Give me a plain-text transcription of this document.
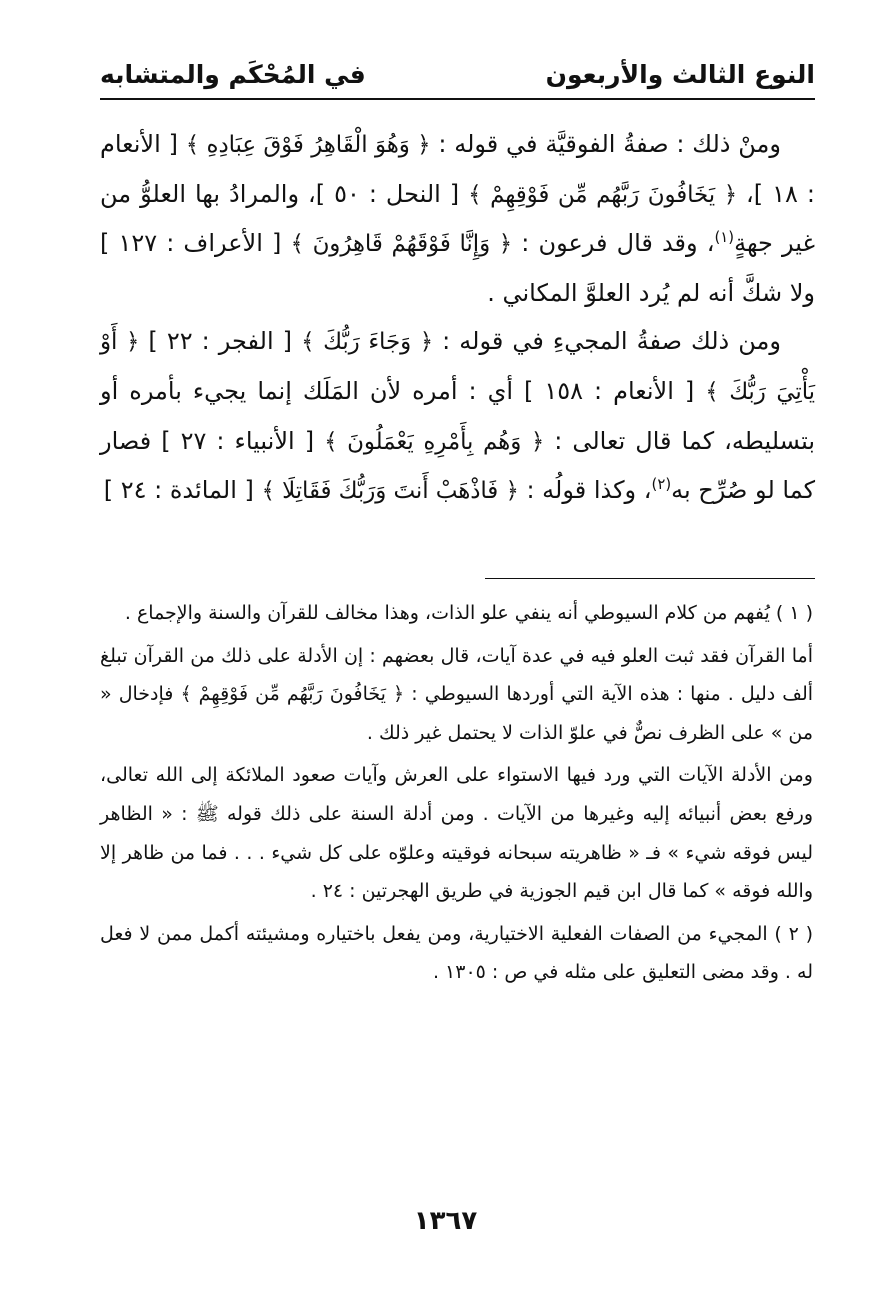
النوع الثالث والأربعون
في المُحْكَم والمتشابه

ومنْ ذلك : صفةُ الفوقيَّة في قوله : ﴿ وَهُوَ الْقَاهِرُ فَوْقَ عِبَادِهِ ﴾ [ الأنعام : ١٨ ]، ﴿ يَخَافُونَ رَبَّهُم مِّن فَوْقِهِمْ ﴾ [ النحل : ٥٠ ]، والمرادُ بها العلوُّ من غير جهةٍ$^{(١)}$، وقد قال فرعون : ﴿ وَإِنَّا فَوْقَهُمْ قَاهِرُونَ ﴾ [ الأعراف : ١٢٧ ] ولا شكَّ أنه لم يُرد العلوَّ المكاني .

ومن ذلك صفةُ المجيءِ في قوله : ﴿ وَجَاءَ رَبُّكَ ﴾ [ الفجر : ٢٢ ] ﴿ أَوْ يَأْتِيَ رَبُّكَ ﴾ [ الأنعام : ١٥٨ ] أي : أمره لأن المَلَك إنما يجيء بأمره أو بتسليطه، كما قال تعالى : ﴿ وَهُم بِأَمْرِهِ يَعْمَلُونَ ﴾ [ الأنبياء : ٢٧ ] فصار كما لو صُرِّح به$^{(٢)}$، وكذا قولُه : ﴿ فَاذْهَبْ أَنتَ وَرَبُّكَ فَقَاتِلَا ﴾ [ المائدة : ٢٤ ]

( ١ ) يُفهم من كلام السيوطي أنه ينفي علو الذات، وهذا مخالف للقرآن والسنة والإجماع .

أما القرآن فقد ثبت العلو فيه في عدة آيات، قال بعضهم : إن الأدلة على ذلك من القرآن تبلغ ألف دليل . منها : هذه الآية التي أوردها السيوطي : ﴿ يَخَافُونَ رَبَّهُم مِّن فَوْقِهِمْ ﴾ فإدخال « من » على الظرف نصٌّ في علوّ الذات لا يحتمل غير ذلك .

ومن الأدلة الآيات التي ورد فيها الاستواء على العرش وآيات صعود الملائكة إلى الله تعالى، ورفع بعض أنبيائه إليه وغيرها من الآيات . ومن أدلة السنة على ذلك قوله ﷺ : « الظاهر ليس فوقه شيء » فـ « ظاهريته سبحانه فوقيته وعلوّه على كل شيء . . . فما من ظاهر إلا والله فوقه » كما قال ابن قيم الجوزية في طريق الهجرتين : ٢٤ .

( ٢ ) المجيء من الصفات الفعلية الاختيارية، ومن يفعل باختياره ومشيئته أكمل ممن لا فعل له . وقد مضى التعليق على مثله في ص : ١٣٠٥ .

١٣٦٧
